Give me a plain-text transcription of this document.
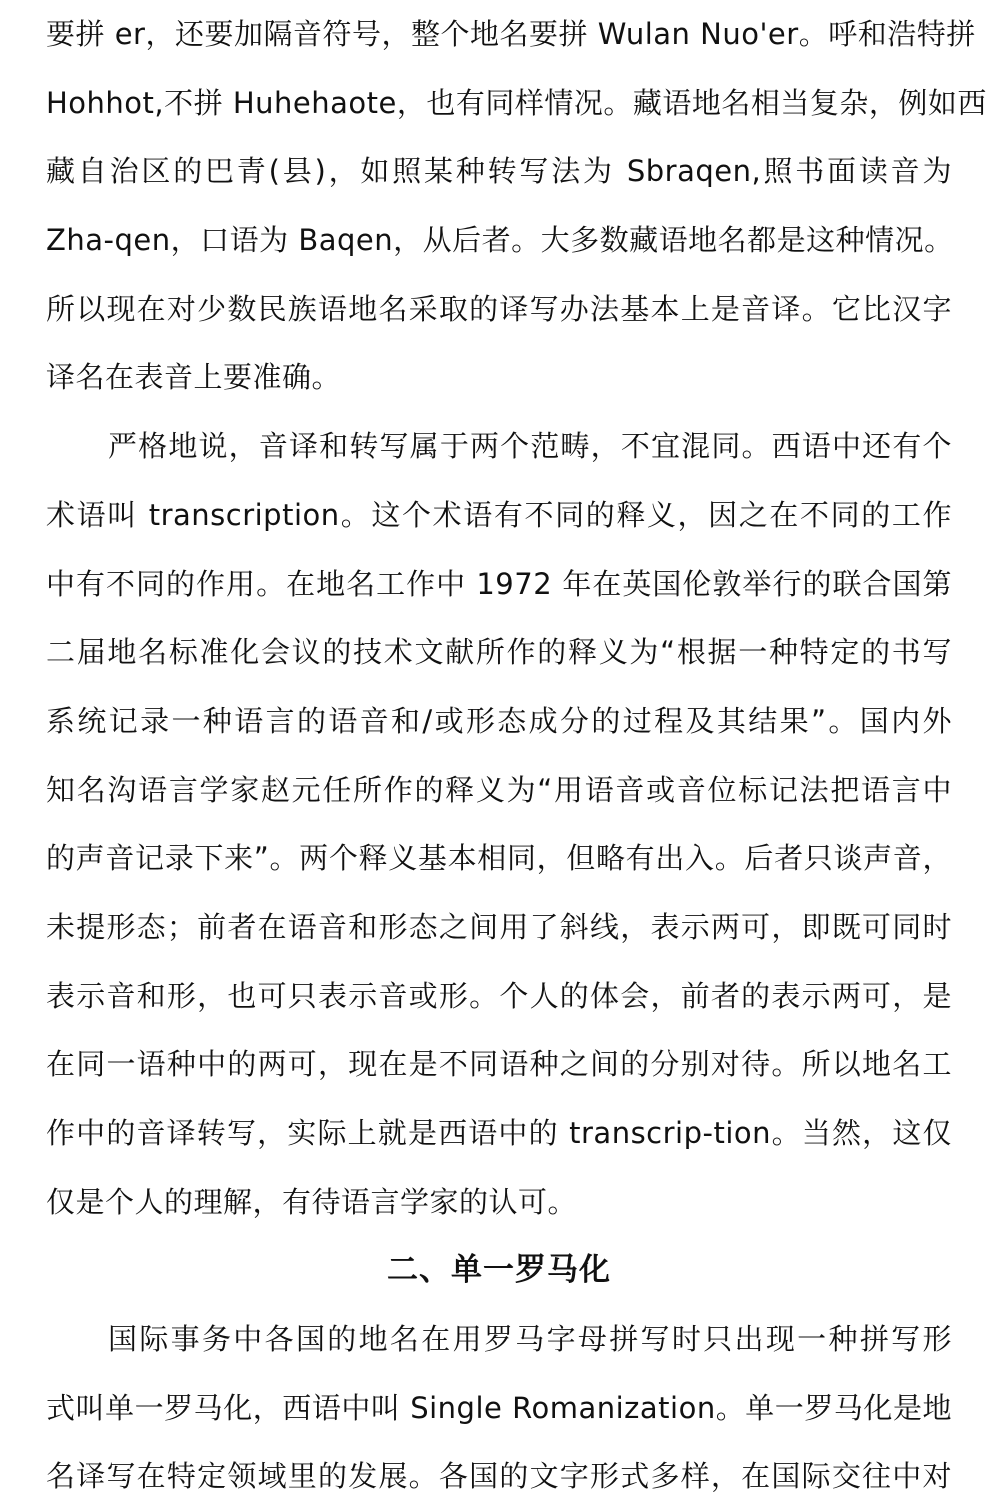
要拼 er，还要加隔音符号，整个地名要拼 Wulan Nuo'er。呼和浩特拼
Hohhot,不拼 Huhehaote，也有同样情况。藏语地名相当复杂，例如西
藏自治区的巴青(县)，如照某种转写法为 Sbraqen,照书面读音为
Zha-qen，口语为 Baqen，从后者。大多数藏语地名都是这种情况。
所以现在对少数民族语地名采取的译写办法基本上是音译。它比汉字
译名在表音上要准确。
严格地说，音译和转写属于两个范畴，不宜混同。西语中还有个
术语叫 transcription。这个术语有不同的释义，因之在不同的工作
中有不同的作用。在地名工作中 1972 年在英国伦敦举行的联合国第
二届地名标准化会议的技术文献所作的释义为“根据一种特定的书写
系统记录一种语言的语音和/或形态成分的过程及其结果”。国内外
知名沟语言学家赵元任所作的释义为“用语音或音位标记法把语言中
的声音记录下来”。两个释义基本相同，但略有出入。后者只谈声音，
未提形态；前者在语音和形态之间用了斜线，表示两可，即既可同时
表示音和形，也可只表示音或形。个人的体会，前者的表示两可，是
在同一语种中的两可，现在是不同语种之间的分别对待。所以地名工
作中的音译转写，实际上就是西语中的 transcrip-tion。当然，这仅
仅是个人的理解，有待语言学家的认可。
二、单一罗马化
国际事务中各国的地名在用罗马字母拼写时只出现一种拼写形
式叫单一罗马化，西语中叫 Single Romanization。单一罗马化是地
名译写在特定领域里的发展。各国的文字形式多样，在国际交往中对
